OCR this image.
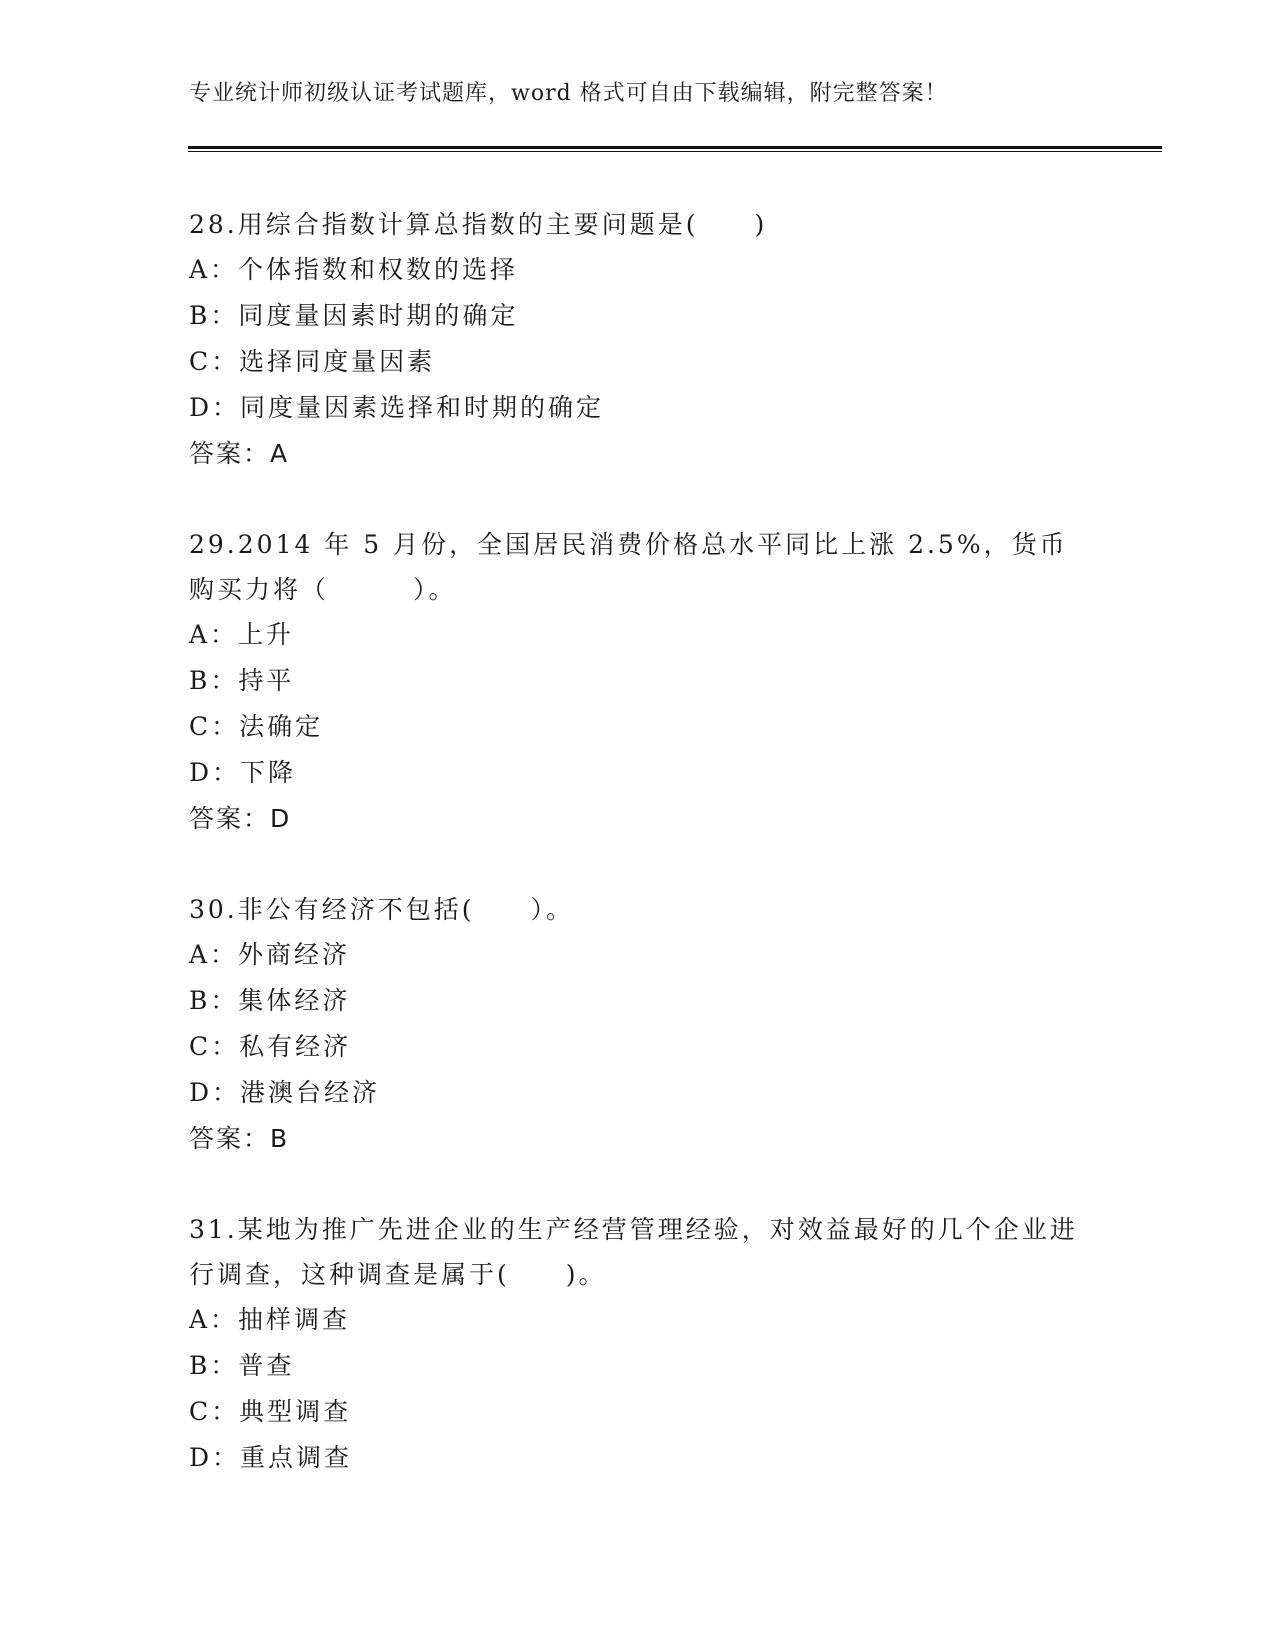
专业统计师初级认证考试题库，word 格式可自由下载编辑，附完整答案！

28.用综合指数计算总指数的主要问题是(　　)

A：个体指数和权数的选择

B：同度量因素时期的确定

C：选择同度量因素

D：同度量因素选择和时期的确定

答案：A

29.2014 年 5 月份，全国居民消费价格总水平同比上涨 2.5%，货币购买力将（　　　）。

A：上升

B：持平

C：法确定

D：下降

答案：D

30.非公有经济不包括(　　）。

A：外商经济

B：集体经济

C：私有经济

D：港澳台经济

答案：B

31.某地为推广先进企业的生产经营管理经验，对效益最好的几个企业进行调查，这种调查是属于(　　)。

A：抽样调查

B：普查

C：典型调查

D：重点调查
